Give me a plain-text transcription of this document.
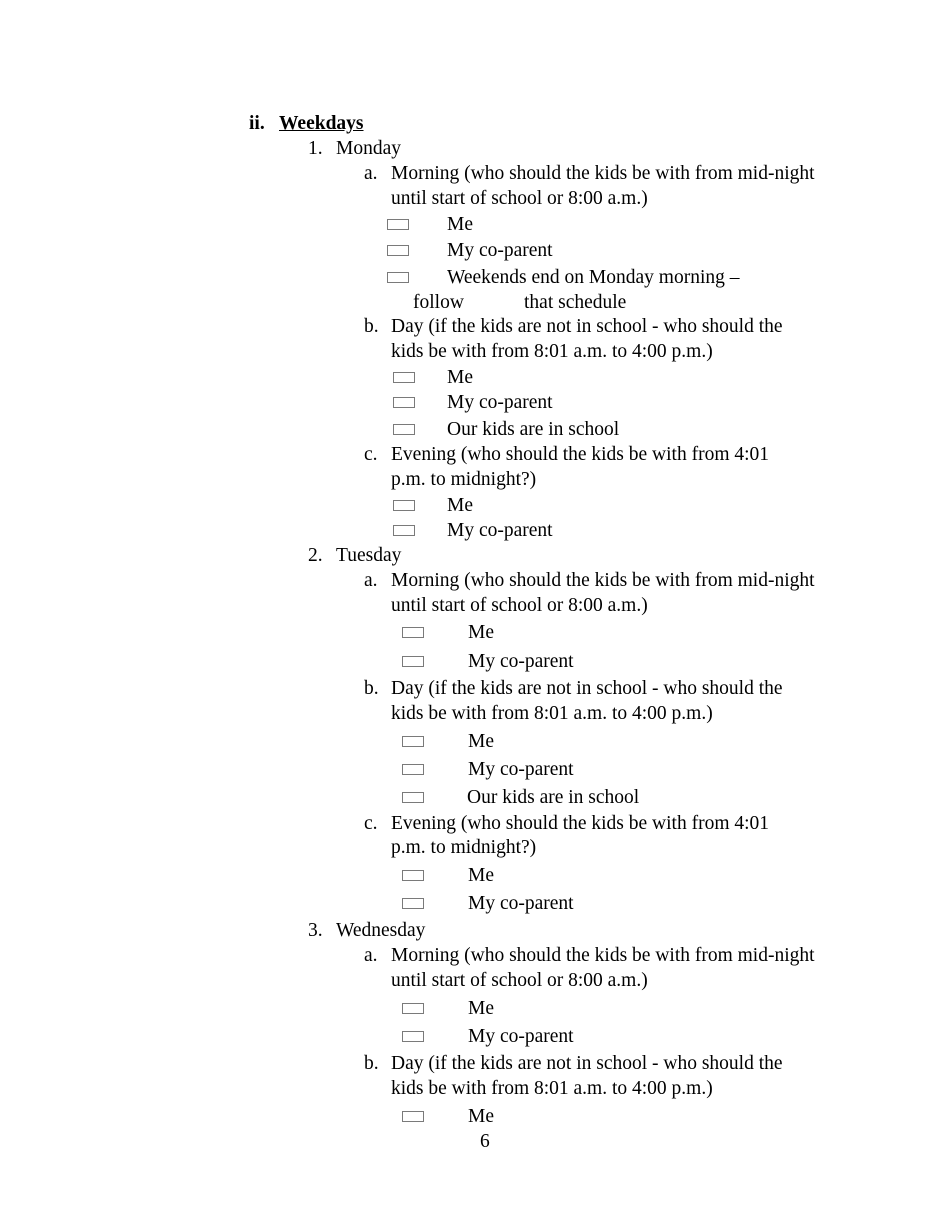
ii. Weekdays
1. Monday
a. Morning (who should the kids be with from mid-night
until start of school or 8:00 a.m.)
Me
My co-parent
Weekends end on Monday morning –
follow	that schedule
b. Day (if the kids are not in school - who should the
kids be with from 8:01 a.m. to 4:00 p.m.)
Me
My co-parent
Our kids are in school
c. Evening (who should the kids be with from 4:01
p.m. to midnight?)
Me
My co-parent
2. Tuesday
a. Morning (who should the kids be with from mid-night
until start of school or 8:00 a.m.)
Me
My co-parent
b. Day (if the kids are not in school - who should the
kids be with from 8:01 a.m. to 4:00 p.m.)
Me
My co-parent
Our kids are in school
c. Evening (who should the kids be with from 4:01
p.m. to midnight?)
Me
My co-parent
3. Wednesday
a. Morning (who should the kids be with from mid-night
until start of school or 8:00 a.m.)
Me
My co-parent
b. Day (if the kids are not in school - who should the
kids be with from 8:01 a.m. to 4:00 p.m.)
Me
6
